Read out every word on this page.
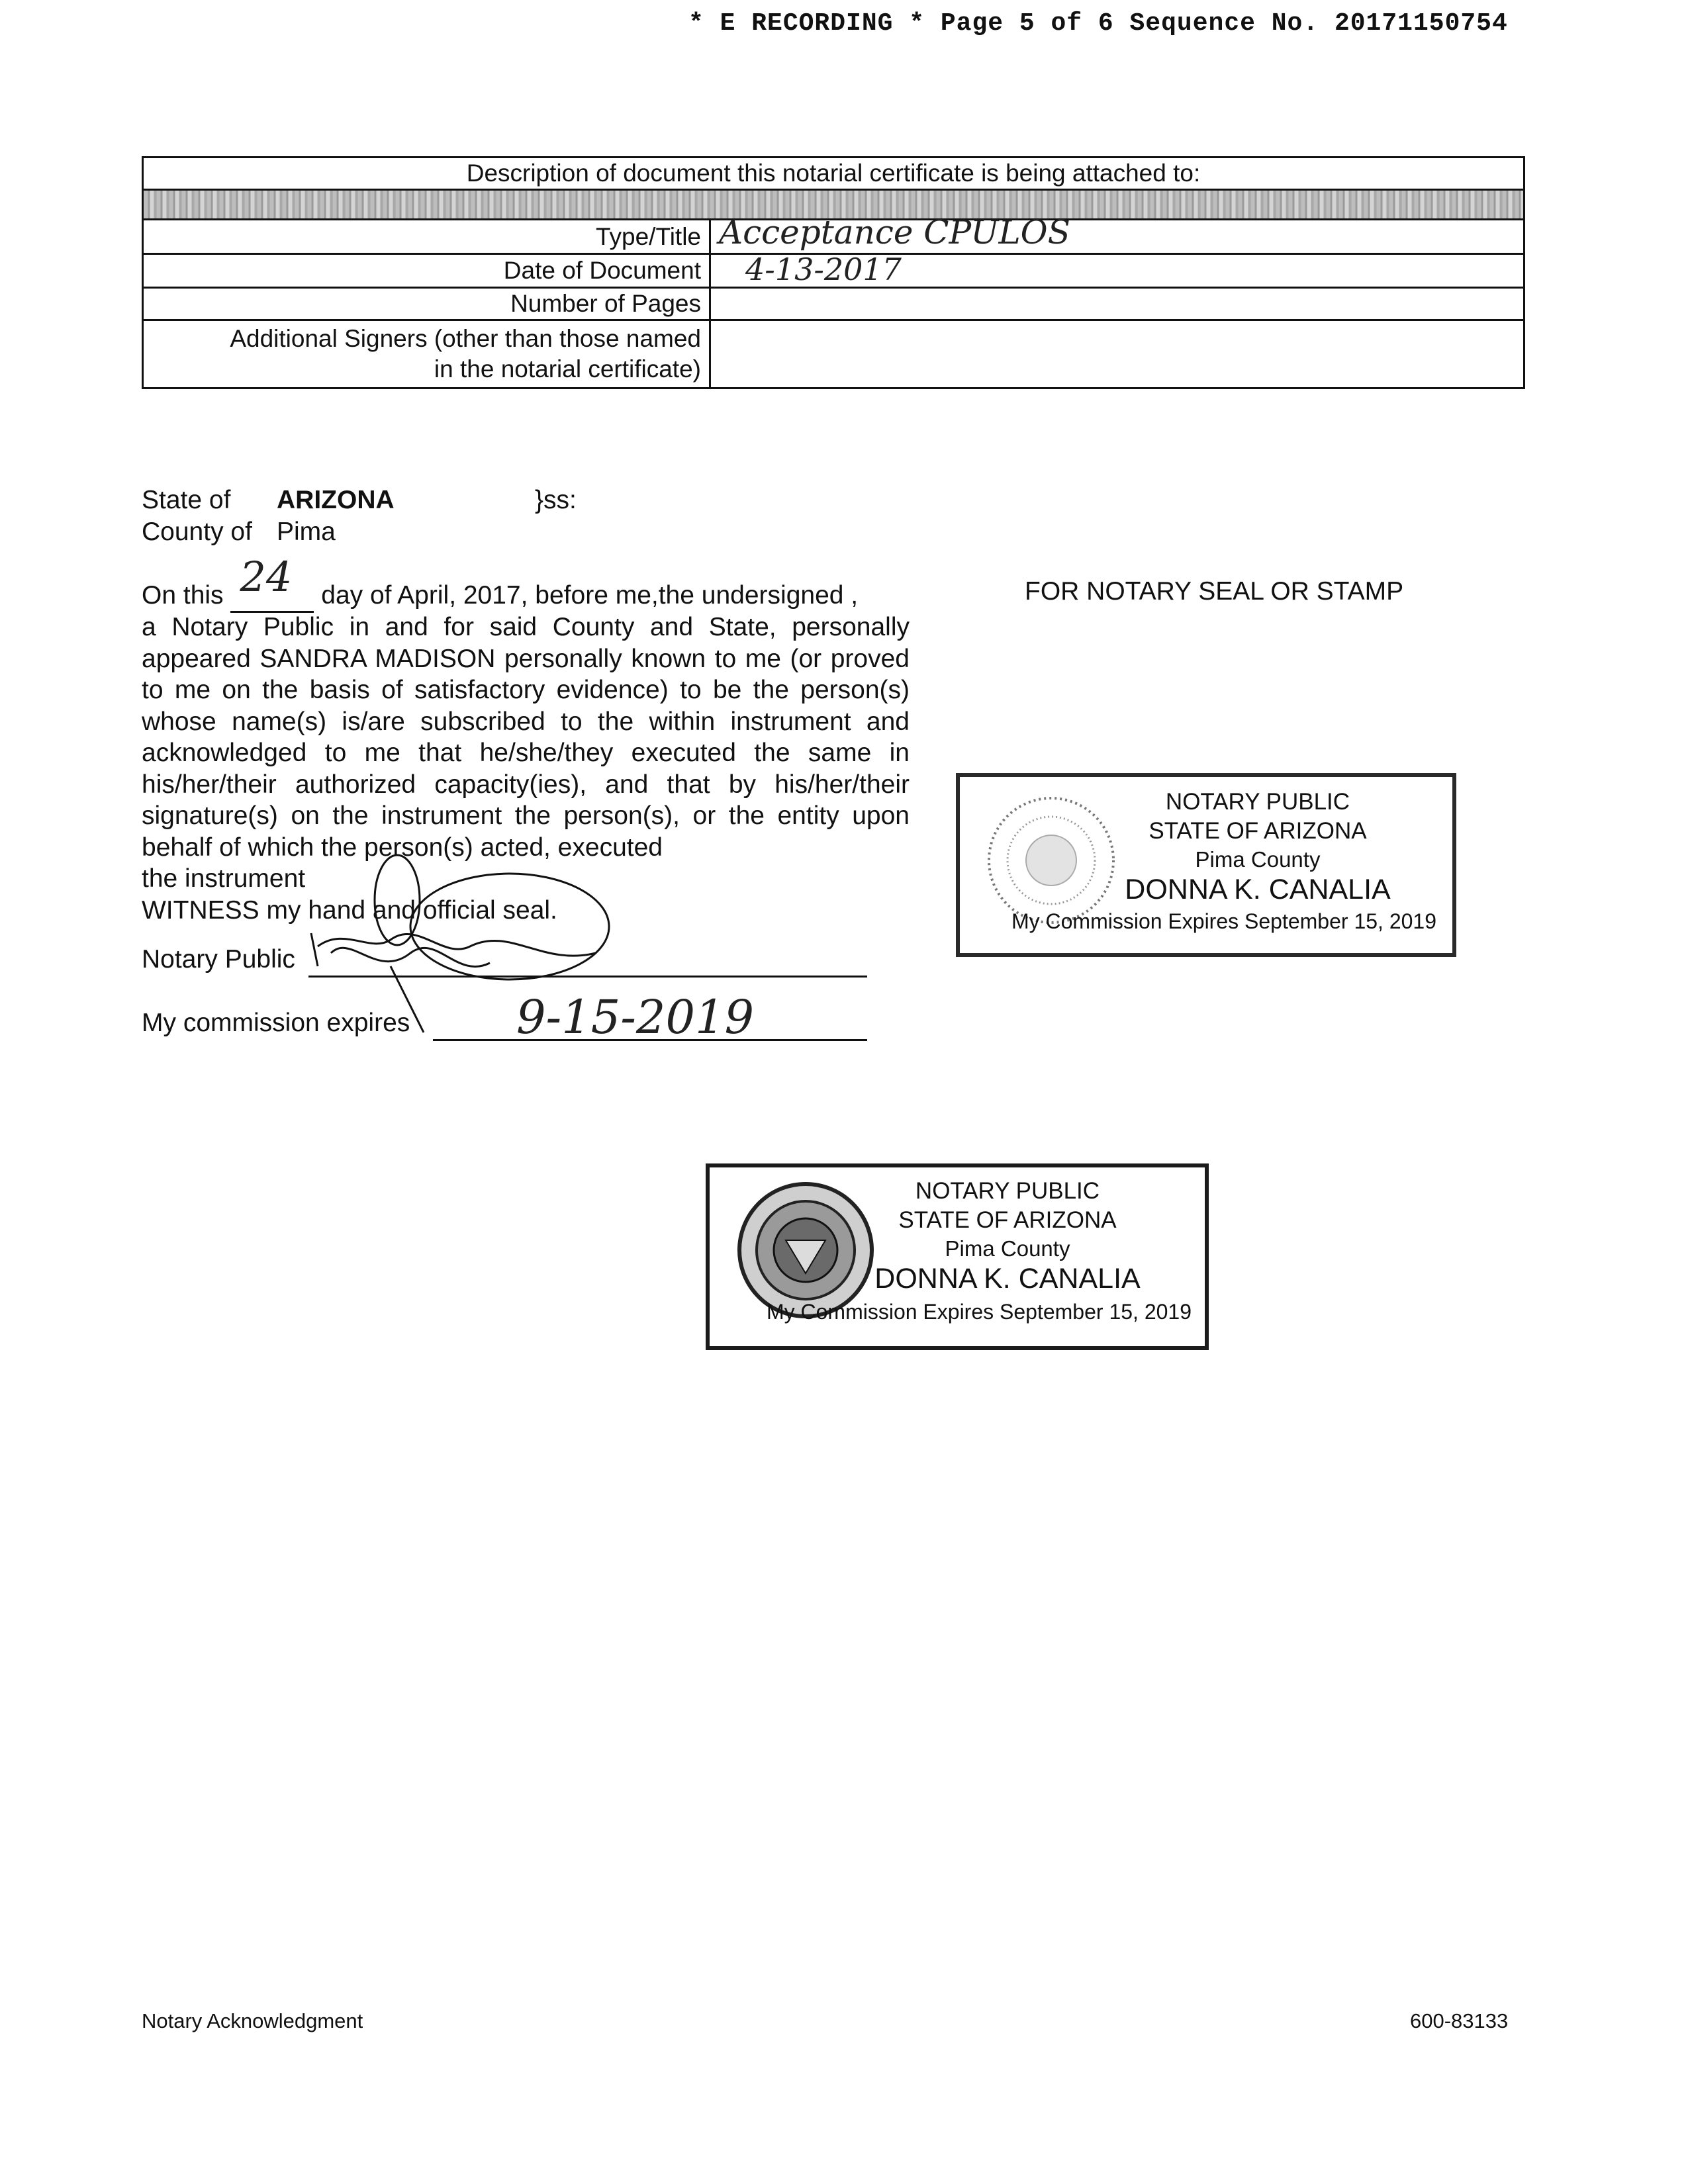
* E RECORDING * Page 5 of 6 Sequence No. 20171150754
Description of document this notarial certificate is being attached to:	

Type/Title	Acceptance CPULOS
Date of Document	4-13-2017
Number of Pages	

Additional Signers (other than those named
in the notarial certificate)	

State of ARIZONA	}ss:
County of Pima
On this 24 day of April, 2017, before me,the undersigned ,
a Notary Public in and for said County and State, personally appeared SANDRA MADISON personally known to me (or proved to me on the basis of satisfactory evidence) to be the person(s) whose name(s) is/are subscribed to the within instrument and acknowledged to me that he/she/they executed the same in his/her/their authorized capacity(ies), and that by his/her/their signature(s) on the instrument the person(s), or the entity upon behalf of which the person(s) acted, executed
the instrument
WITNESS my hand and official seal.
Notary Public
My commission expires 9-15-2019
FOR NOTARY SEAL OR STAMP
NOTARY PUBLIC
STATE OF ARIZONA
Pima County
DONNA K. CANALIA
My Commission Expires September 15, 2019
NOTARY PUBLIC
STATE OF ARIZONA
Pima County
DONNA K. CANALIA
My Commission Expires September 15, 2019
Notary Acknowledgment	600-83133
